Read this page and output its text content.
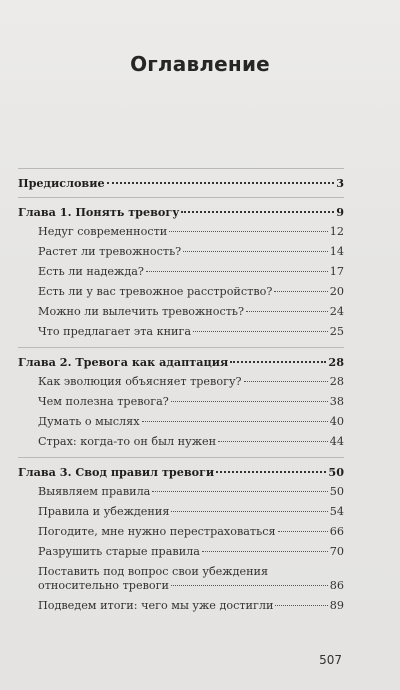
Оглавление
Предисловие	3
Глава 1. Понять тревогу	9
Недуг современности	12
Растет ли тревожность?	14
Есть ли надежда?	17
Есть ли у вас тревожное расстройство?	20
Можно ли вылечить тревожность?	24
Что предлагает эта книга	25
Глава 2. Тревога как адаптация	28
Как эволюция объясняет тревогу?	28
Чем полезна тревога?	38
Думать о мыслях	40
Страх: когда-то он был нужен	44
Глава 3. Свод правил тревоги	50
Выявляем правила	50
Правила и убеждения	54
Погодите, мне нужно перестраховаться	66
Разрушить старые правила	70
Поставить под вопрос свои убеждения
относительно тревоги	86
Подведем итоги: чего мы уже достигли	89
507
